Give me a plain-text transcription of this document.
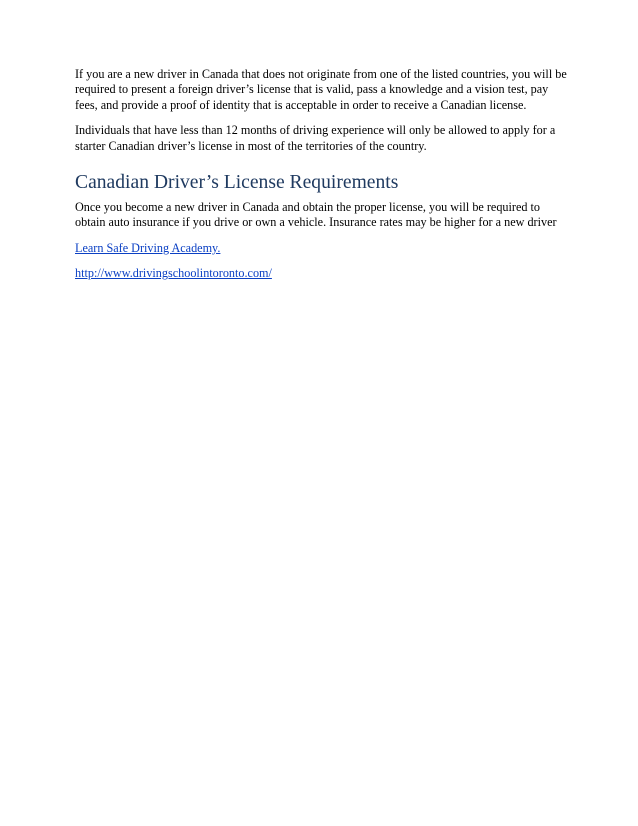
If you are a new driver in Canada that does not originate from one of the listed countries, you will be required to present a foreign driver’s license that is valid, pass a knowledge and a vision test, pay fees, and provide a proof of identity that is acceptable in order to receive a Canadian license.

Individuals that have less than 12 months of driving experience will only be allowed to apply for a starter Canadian driver’s license in most of the territories of the country.

Canadian Driver’s License Requirements

Once you become a new driver in Canada and obtain the proper license, you will be required to obtain auto insurance if you drive or own a vehicle. Insurance rates may be higher for a new driver

Learn Safe Driving Academy.
http://www.drivingschoolintoronto.com/
